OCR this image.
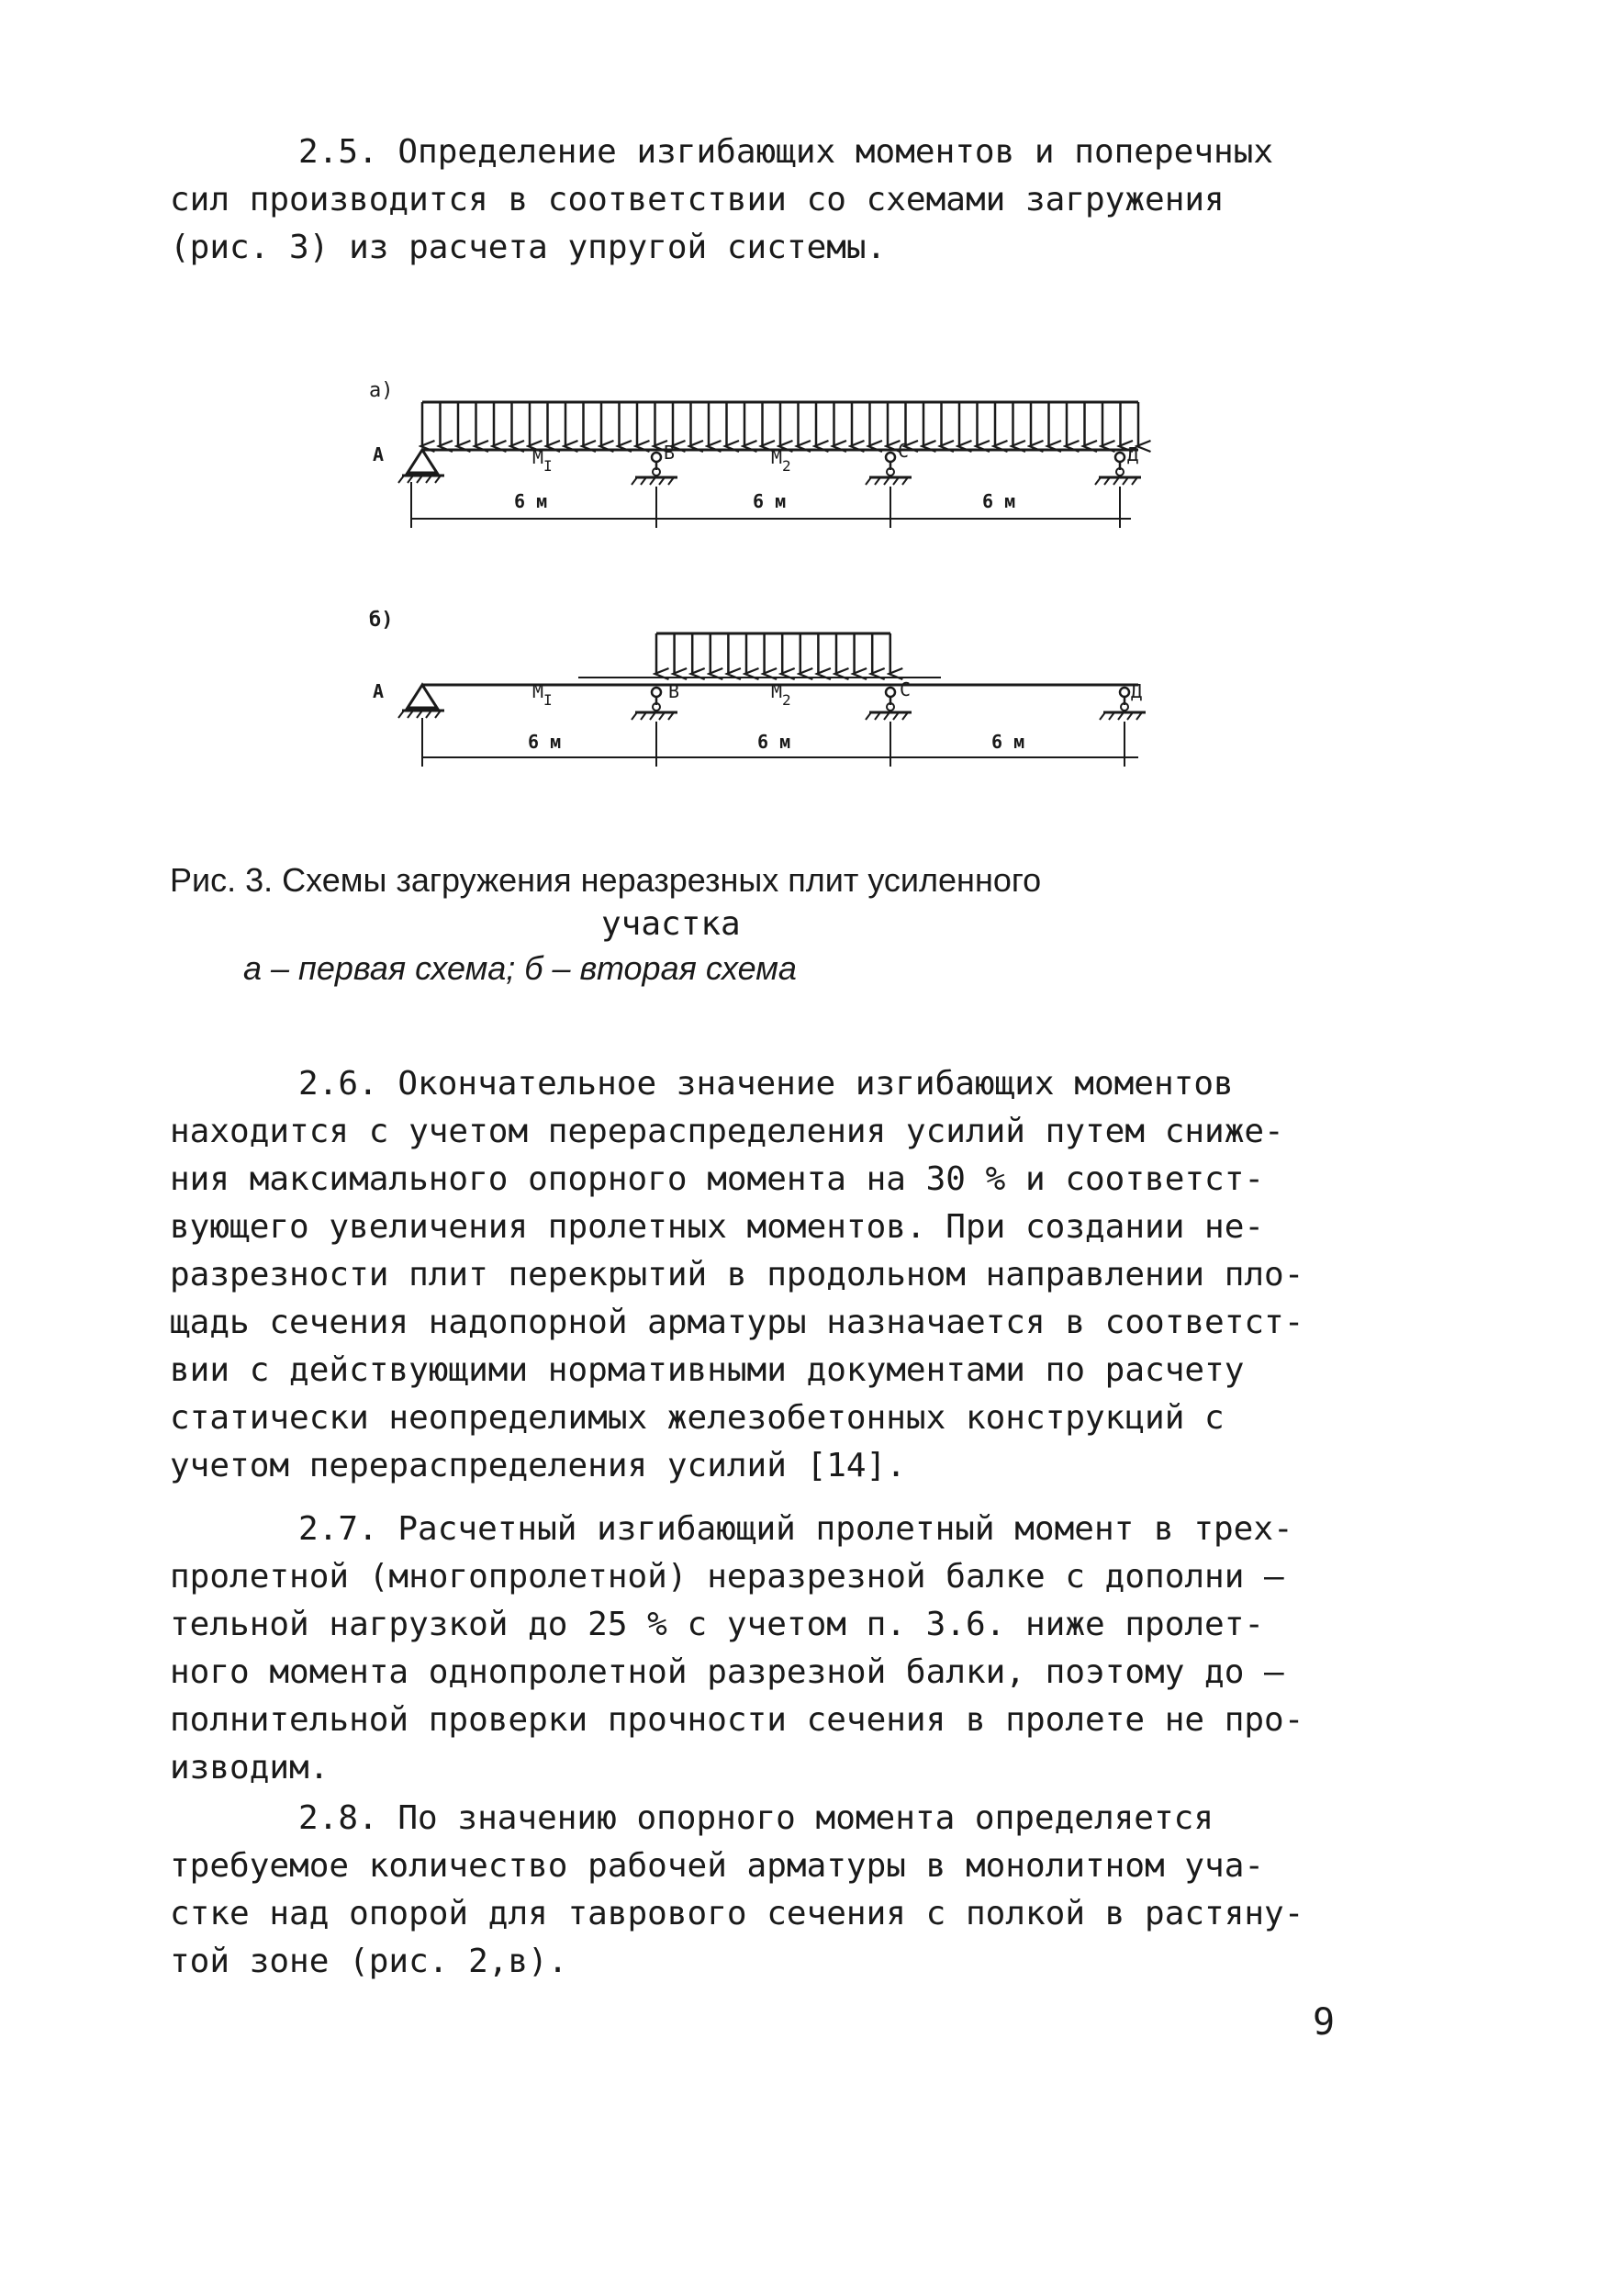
2.5. Определение изгибающих моментов и поперечных
сил производится в соответствии со схемами загружения
(рис. 3) из расчета упругой системы.

а)
А	В	С	Д
$M_I$	$M_2$
6 м	6 м	6 м
б)
А	В	С	Д
$M_I$	$M_2$
6 м	6 м	6 м
Рис. 3. Схемы загружения неразрезных плит усиленного
участка
а – первая схема; б – вторая схема

2.6. Окончательное значение изгибающих моментов
находится с учетом перераспределения усилий путем сниже-
ния максимального опорного момента на 30 % и соответст-
вующего увеличения пролетных моментов. При создании не-
разрезности плит перекрытий в продольном направлении пло-
щадь сечения надопорной арматуры назначается в соответст-
вии с действующими нормативными документами по расчету
статически неопределимых железобетонных конструкций с
учетом перераспределения усилий [14].

2.7. Расчетный изгибающий пролетный момент в трех-
пролетной (многопролетной) неразрезной балке с дополни –
тельной нагрузкой до 25 % с учетом п. 3.6. ниже пролет-
ного момента однопролетной разрезной балки, поэтому до –
полнительной проверки прочности сечения в пролете не про-
изводим.

2.8. По значению опорного момента определяется
требуемое количество рабочей арматуры в монолитном уча-
стке над опорой для таврового сечения с полкой в растяну-
той зоне (рис. 2,в).

9
